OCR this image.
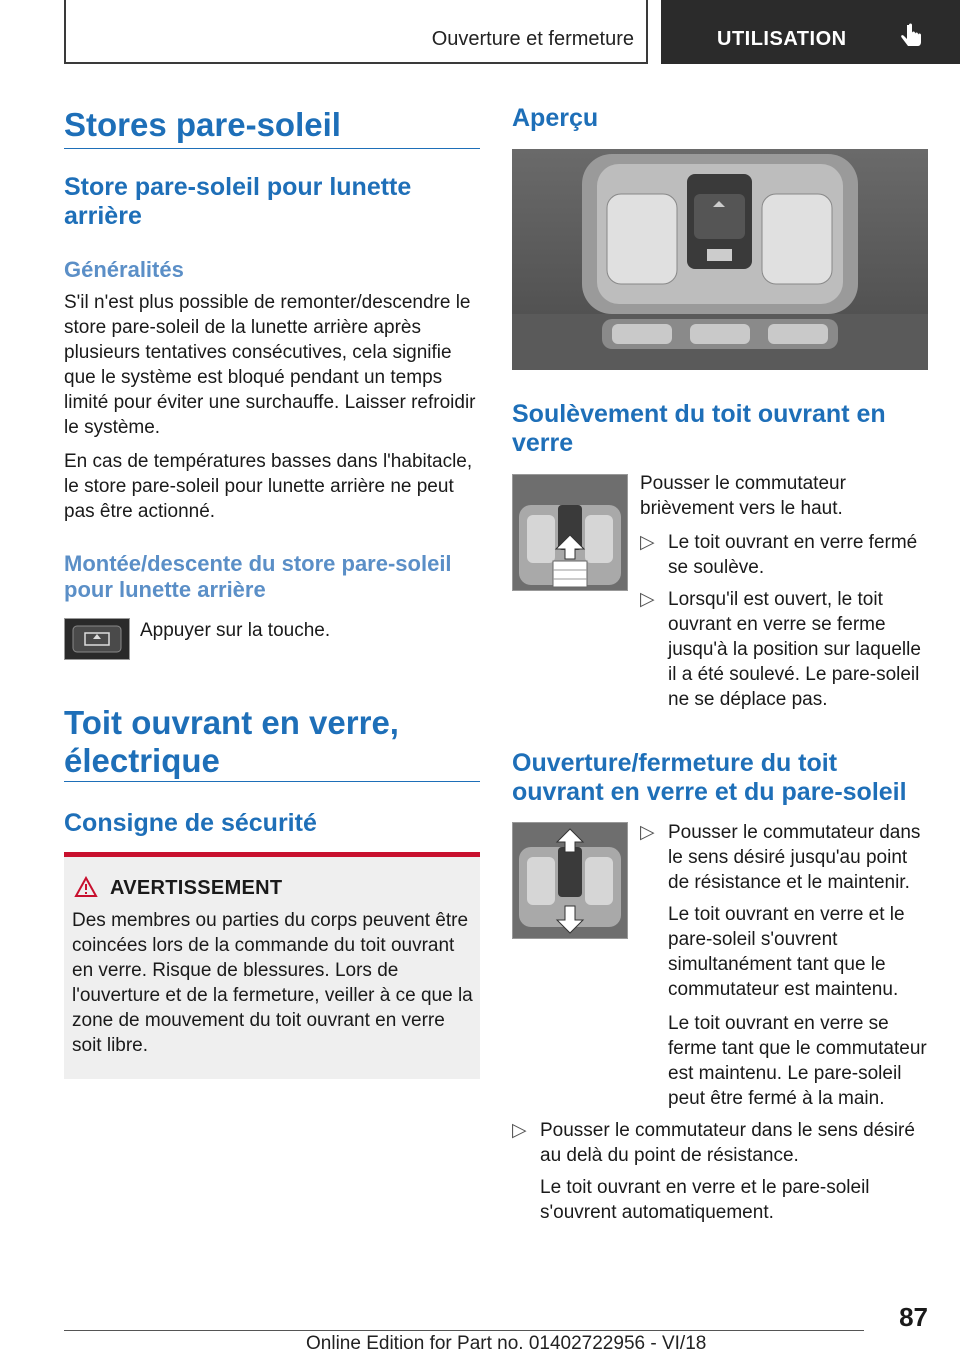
Ouverture et fermeture	UTILISATION
Stores pare-soleil
Store pare-soleil pour lunette arrière
Généralités

S'il n'est plus possible de remonter/descendre le store pare-soleil de la lunette arrière après plusieurs tentatives consécutives, cela signifie que le système est bloqué pendant un temps limité pour éviter une surchauffe. Laisser refroidir le système.

En cas de températures basses dans l'habitacle, le store pare-soleil pour lunette arrière ne peut pas être actionné.

Montée/descente du store pare-soleil pour lunette arrière

Appuyer sur la touche.

Toit ouvrant en verre, électrique
Consigne de sécurité
AVERTISSEMENT

Des membres ou parties du corps peuvent être coincées lors de la commande du toit ouvrant en verre. Risque de blessures. Lors de l'ouverture et de la fermeture, veiller à ce que la zone de mouvement du toit ouvrant en verre soit libre.

Aperçu
Soulèvement du toit ouvrant en verre

Pousser le commutateur brièvement vers le haut.

▷ Le toit ouvrant en verre fermé se soulève.

▷ Lorsqu'il est ouvert, le toit ouvrant en verre se ferme jusqu'à la position sur laquelle il a été soulevé. Le pare-soleil ne se déplace pas.

Ouverture/fermeture du toit ouvrant en verre et du pare-soleil
▷ Pousser le commutateur dans le sens désiré jusqu'au point de résistance et le maintenir.

Le toit ouvrant en verre et le pare-soleil s'ouvrent simultanément tant que le commutateur est maintenu.

Le toit ouvrant en verre se ferme tant que le commutateur est maintenu. Le pare-soleil peut être fermé à la main.

▷ Pousser le commutateur dans le sens désiré au delà du point de résistance.

Le toit ouvrant en verre et le pare-soleil s'ouvrent automatiquement.

87
Online Edition for Part no. 01402722956 - VI/18
